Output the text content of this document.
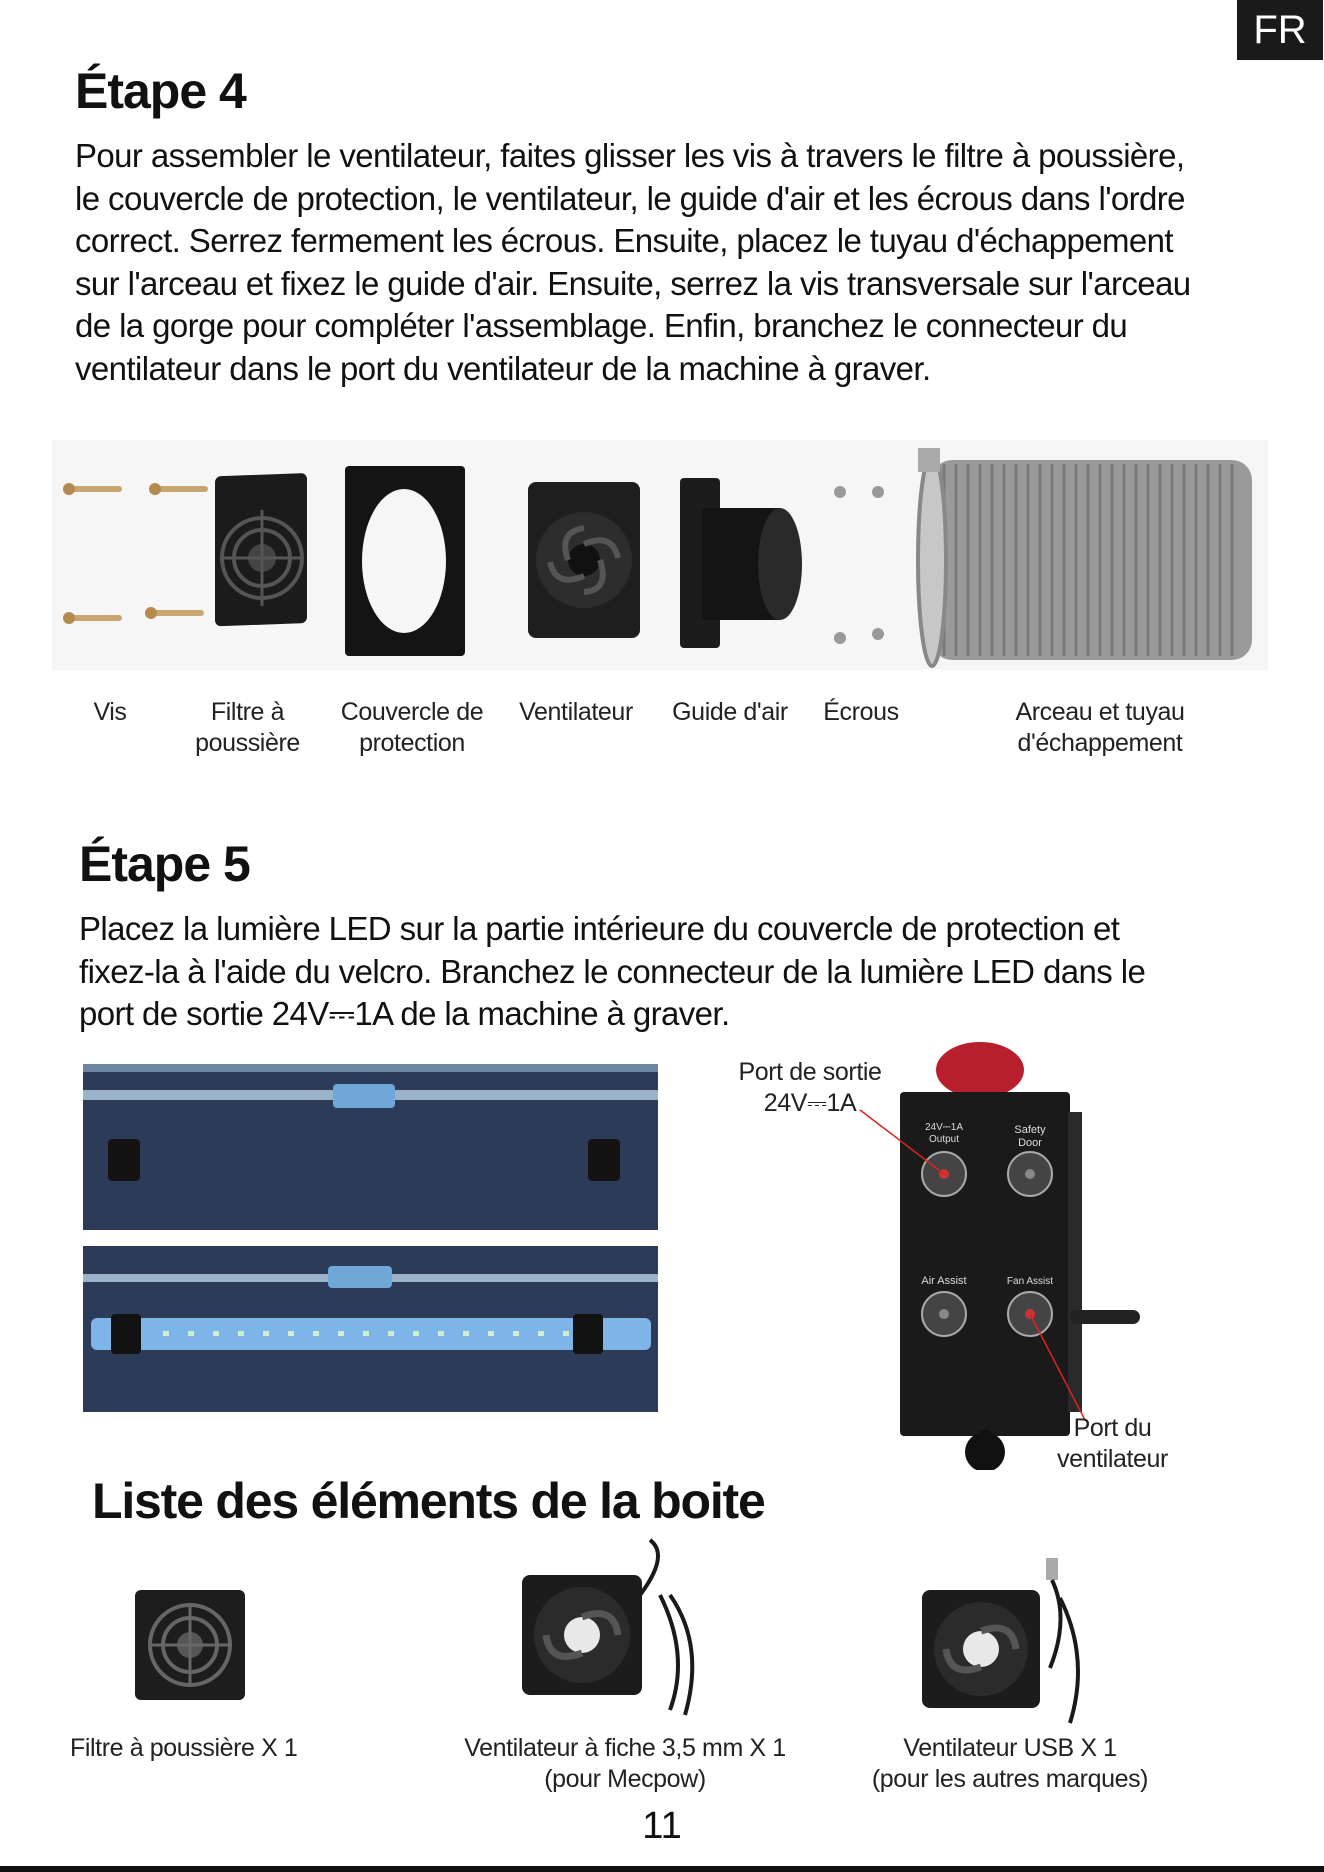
FR
Étape 4
Pour assembler le ventilateur, faites glisser les vis à travers le filtre à poussière,
le couvercle de protection, le ventilateur, le guide d'air et les écrous dans l'ordre
correct. Serrez fermement les écrous. Ensuite, placez le tuyau d'échappement
sur l'arceau et fixez le guide d'air. Ensuite, serrez la vis transversale sur l'arceau
de la gorge pour compléter l'assemblage. Enfin, branchez le connecteur du
ventilateur dans le port du ventilateur de la machine à graver.
Vis	Filtre à
poussière
Couvercle de
protection
Ventilateur	Guide d'air	Écrous	Arceau et tuyau
d'échappement
Étape 5
Placez la lumière LED sur la partie intérieure du couvercle de protection et
fixez-la à l'aide du velcro. Branchez le connecteur de la lumière LED dans le
port de sortie 24V⎓1A de la machine à graver.
24V⎓1A
Output
Safety
Door
Air Assist	Fan Assist
Port de sortie
24V⎓1A
Port du
ventilateur
Liste des éléments de la boite
Filtre à poussière X 1	Ventilateur à fiche 3,5 mm X 1
(pour Mecpow)
Ventilateur USB X 1
(pour les autres marques)
11
